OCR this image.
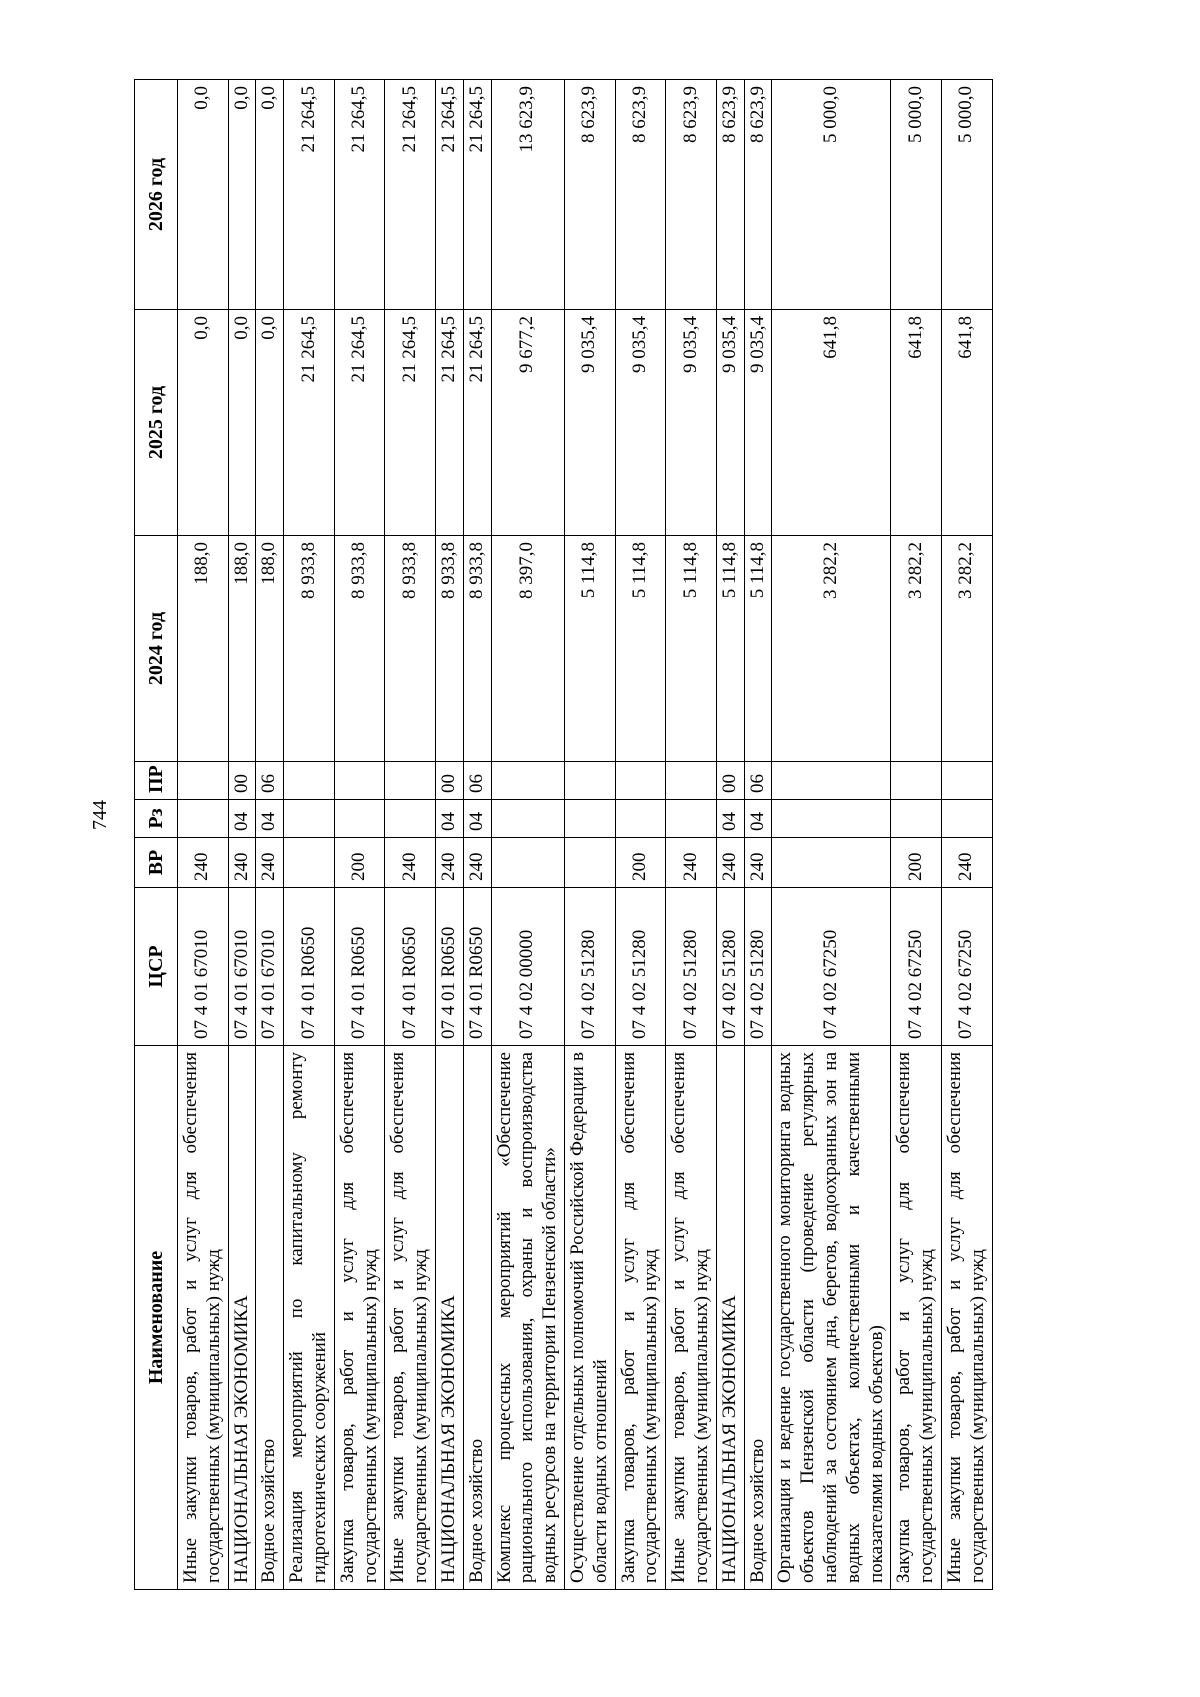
744
Наименование	ЦСР	ВР	Рз	ПР	2024 год	2025 год	2026 год
Иные закупки товаров, работ и услуг для обеспечения государственных (муниципальных) нужд	07 4 01 67010	240			188,0	0,0	0,0
НАЦИОНАЛЬНАЯ ЭКОНОМИКА	07 4 01 67010	240	04	00	188,0	0,0	0,0
Водное хозяйство	07 4 01 67010	240	04	06	188,0	0,0	0,0
Реализация мероприятий по капитальному ремонту гидротехнических сооружений	07 4 01 R0650				8 933,8	21 264,5	21 264,5
Закупка товаров, работ и услуг для обеспечения государственных (муниципальных) нужд	07 4 01 R0650	200			8 933,8	21 264,5	21 264,5
Иные закупки товаров, работ и услуг для обеспечения государственных (муниципальных) нужд	07 4 01 R0650	240			8 933,8	21 264,5	21 264,5
НАЦИОНАЛЬНАЯ ЭКОНОМИКА	07 4 01 R0650	240	04	00	8 933,8	21 264,5	21 264,5
Водное хозяйство	07 4 01 R0650	240	04	06	8 933,8	21 264,5	21 264,5
Комплекс процессных мероприятий «Обеспечение рационального использования, охраны и воспроизводства водных ресурсов на территории Пензенской области»	07 4 02 00000				8 397,0	9 677,2	13 623,9
Осуществление отдельных полномочий Российской Федерации в области водных отношений	07 4 02 51280				5 114,8	9 035,4	8 623,9
Закупка товаров, работ и услуг для обеспечения государственных (муниципальных) нужд	07 4 02 51280	200			5 114,8	9 035,4	8 623,9
Иные закупки товаров, работ и услуг для обеспечения государственных (муниципальных) нужд	07 4 02 51280	240			5 114,8	9 035,4	8 623,9
НАЦИОНАЛЬНАЯ ЭКОНОМИКА	07 4 02 51280	240	04	00	5 114,8	9 035,4	8 623,9
Водное хозяйство	07 4 02 51280	240	04	06	5 114,8	9 035,4	8 623,9
Организация и ведение государственного мониторинга водных объектов Пензенской области (проведение регулярных наблюдений за состоянием дна, берегов, водоохранных зон на водных объектах, количественными и качественными показателями водных объектов)	07 4 02 67250				3 282,2	641,8	5 000,0
Закупка товаров, работ и услуг для обеспечения государственных (муниципальных) нужд	07 4 02 67250	200			3 282,2	641,8	5 000,0
Иные закупки товаров, работ и услуг для обеспечения государственных (муниципальных) нужд	07 4 02 67250	240			3 282,2	641,8	5 000,0
